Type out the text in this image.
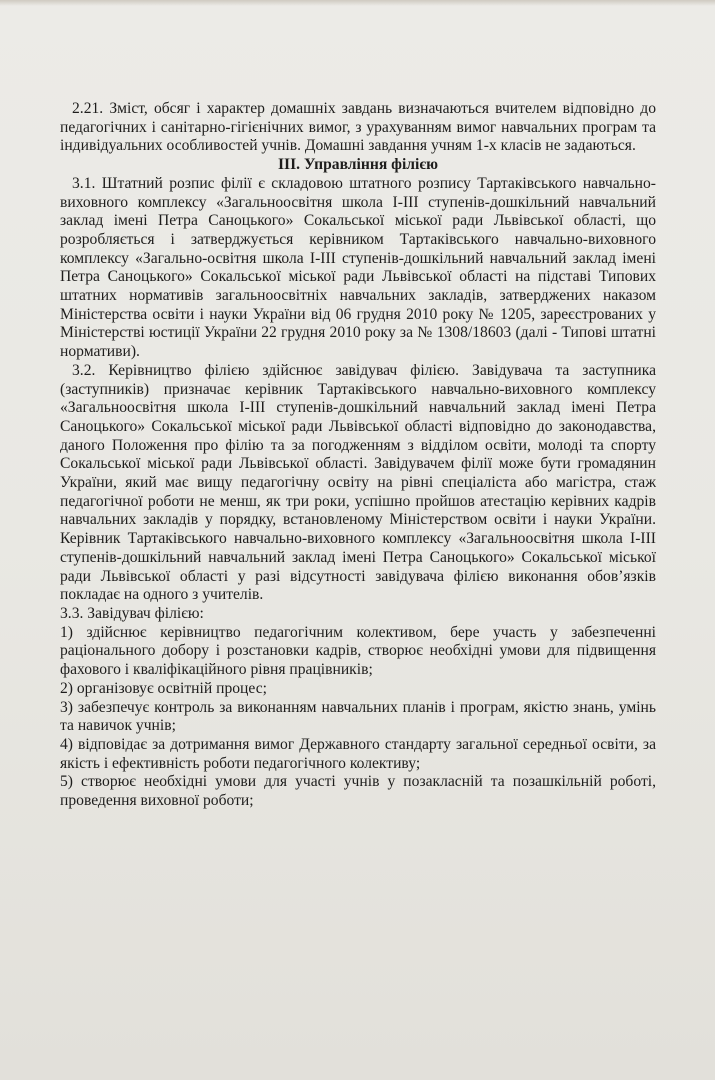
2.21. Зміст, обсяг і характер домашніх завдань визначаються вчителем відповідно до педагогічних і санітарно-гігієнічних вимог, з урахуванням вимог навчальних програм та індивідуальних особливостей учнів. Домашні завдання учням 1-х класів не задаються.

III. Управління філією

3.1. Штатний розпис філії є складовою штатного розпису Тартаківського навчально-виховного комплексу «Загальноосвітня школа І-ІІІ ступенів-дошкільний навчальний заклад імені Петра Саноцького» Сокальської міської ради Львівської області, що розробляється і затверджується керівником Тартаківського навчально-виховного комплексу «Загально-освітня школа І-ІІІ ступенів-дошкільний навчальний заклад імені Петра Саноцького» Сокальської міської ради Львівської області на підставі Типових штатних нормативів загальноосвітніх навчальних закладів, затверджених наказом Міністерства освіти і науки України від 06 грудня 2010 року № 1205, зареєстрованих у Міністерстві юстиції України 22 грудня 2010 року за № 1308/18603 (далі - Типові штатні нормативи).

3.2. Керівництво філією здійснює завідувач філією. Завідувача та заступника (заступників) призначає керівник Тартаківського навчально-виховного комплексу «Загальноосвітня школа І-ІІІ ступенів-дошкільний навчальний заклад імені Петра Саноцького» Сокальської міської ради Львівської області відповідно до законодавства, даного Положення про філію та за погодженням з відділом освіти, молоді та спорту Сокальської міської ради Львівської області. Завідувачем філії може бути громадянин України, який має вищу педагогічну освіту на рівні спеціаліста або магістра, стаж педагогічної роботи не менш, як три роки, успішно пройшов атестацію керівних кадрів навчальних закладів у порядку, встановленому Міністерством освіти і науки України. Керівник Тартаківського навчально-виховного комплексу «Загальноосвітня школа І-ІІІ ступенів-дошкільний навчальний заклад імені Петра Саноцького» Сокальської міської ради Львівської області у разі відсутності завідувача філією виконання обов’язків покладає на одного з учителів.

3.3. Завідувач філією:

1) здійснює керівництво педагогічним колективом, бере участь у забезпеченні раціонального добору і розстановки кадрів, створює необхідні умови для підвищення фахового і кваліфікаційного рівня працівників;

2) організовує освітній процес;

3) забезпечує контроль за виконанням навчальних планів і програм, якістю знань, умінь та навичок учнів;

4) відповідає за дотримання вимог Державного стандарту загальної середньої освіти, за якість і ефективність роботи педагогічного колективу;

5) створює необхідні умови для участі учнів у позакласній та позашкільній роботі, проведення виховної роботи;
